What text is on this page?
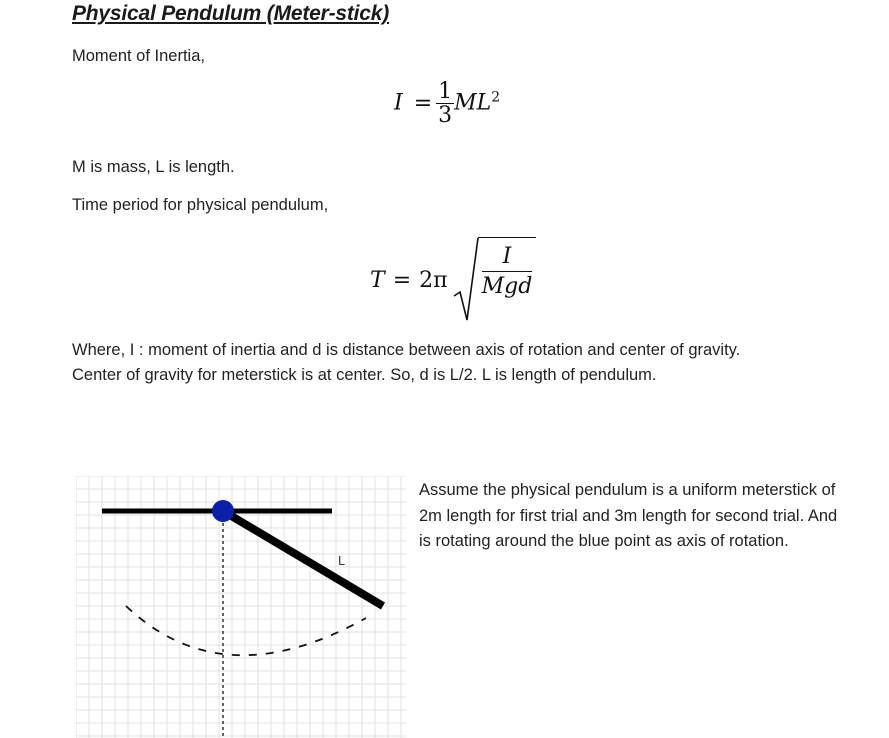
Physical Pendulum (Meter-stick)
Moment of Inertia,
$I = \frac{1}{3} ML^2$
M is mass, L is length.
Time period for physical pendulum,
T = 2π
I
Mgd
Where, I : moment of inertia and d is distance between axis of rotation and center of gravity.
Center of gravity for meterstick is at center. So, d is L/2. L is length of pendulum.
L
Assume the physical pendulum is a uniform meterstick of 2m length for first trial and 3m length for second trial. And is rotating around the blue point as axis of rotation.
